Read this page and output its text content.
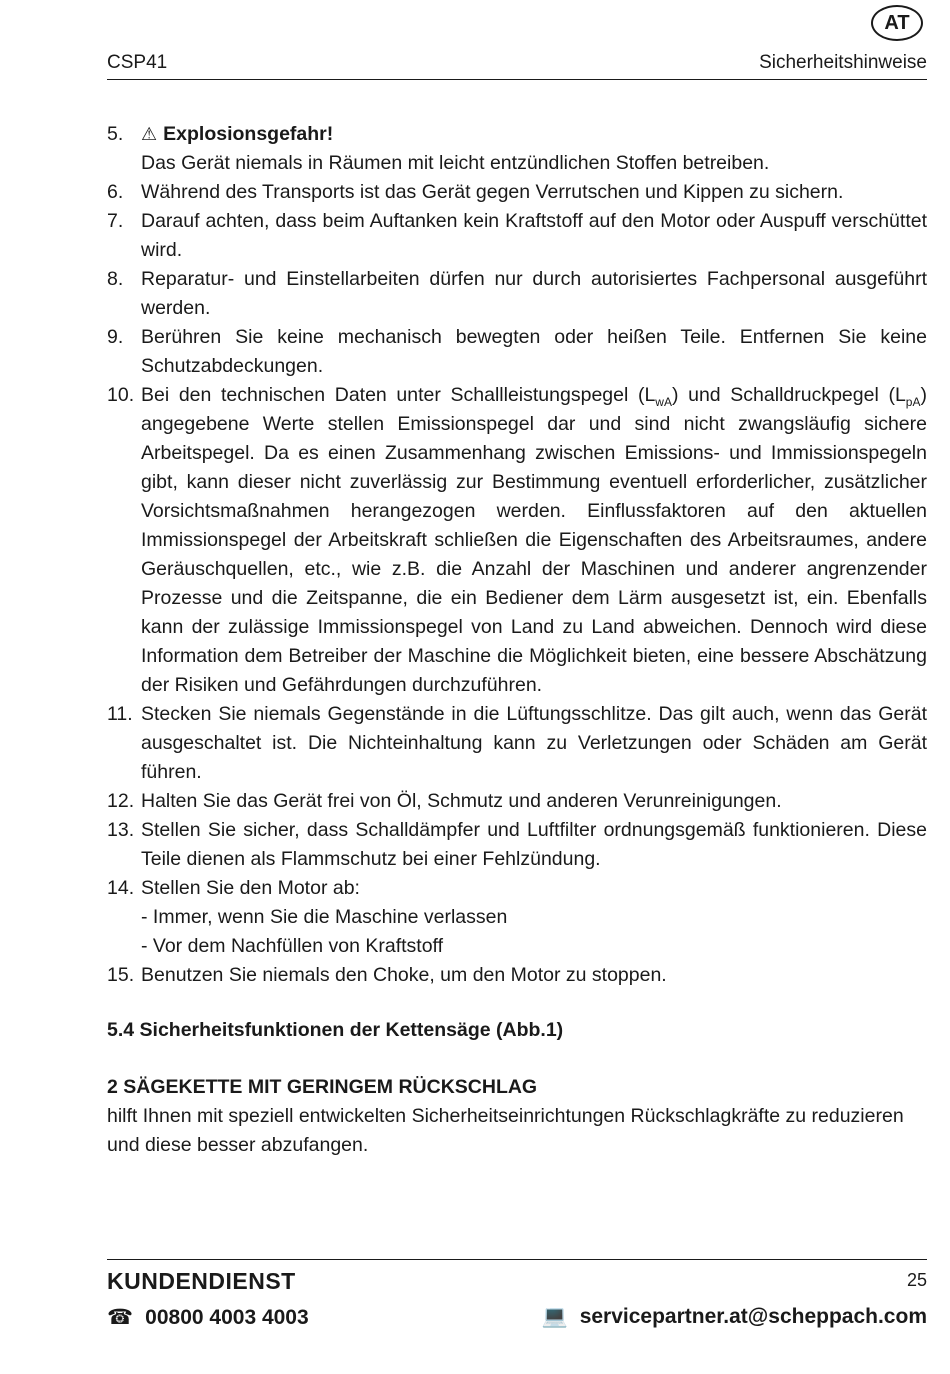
AT
CSP41	Sicherheitshinweise
5. ⚠ Explosionsgefahr!
Das Gerät niemals in Räumen mit leicht entzündlichen Stoffen betreiben.
6. Während des Transports ist das Gerät gegen Verrutschen und Kippen zu sichern.
7. Darauf achten, dass beim Auftanken kein Kraftstoff auf den Motor oder Auspuff verschüttet wird.
8. Reparatur- und Einstellarbeiten dürfen nur durch autorisiertes Fachpersonal ausgeführt werden.
9. Berühren Sie keine mechanisch bewegten oder heißen Teile. Entfernen Sie keine Schutzabdeckungen.
10. Bei den technischen Daten unter Schallleistungspegel $(L_{wA})$ und Schalldruckpegel $(L_{pA})$ angegebene Werte stellen Emissionspegel dar und sind nicht zwangsläufig sichere Arbeitspegel. Da es einen Zusammenhang zwischen Emissions- und Immissionspegeln gibt, kann dieser nicht zuverlässig zur Bestimmung eventuell erforderlicher, zusätzlicher Vorsichtsmaßnahmen herangezogen werden. Einflussfaktoren auf den aktuellen Immissionspegel der Arbeitskraft schließen die Eigenschaften des Arbeitsraumes, andere Geräuschquellen, etc., wie z.B. die Anzahl der Maschinen und anderer angrenzender Prozesse und die Zeitspanne, die ein Bediener dem Lärm ausgesetzt ist, ein. Ebenfalls kann der zulässige Immissionspegel von Land zu Land abweichen. Dennoch wird diese Information dem Betreiber der Maschine die Möglichkeit bieten, eine bessere Abschätzung der Risiken und Gefährdungen durchzuführen.
11. Stecken Sie niemals Gegenstände in die Lüftungsschlitze. Das gilt auch, wenn das Gerät ausgeschaltet ist. Die Nichteinhaltung kann zu Verletzungen oder Schäden am Gerät führen.
12. Halten Sie das Gerät frei von Öl, Schmutz und anderen Verunreinigungen.
13. Stellen Sie sicher, dass Schalldämpfer und Luftfilter ordnungsgemäß funktionieren. Diese Teile dienen als Flammschutz bei einer Fehlzündung.
14. Stellen Sie den Motor ab:
- Immer, wenn Sie die Maschine verlassen
- Vor dem Nachfüllen von Kraftstoff
15. Benutzen Sie niemals den Choke, um den Motor zu stoppen.
5.4 Sicherheitsfunktionen der Kettensäge (Abb.1)
2 SÄGEKETTE MIT GERINGEM RÜCKSCHLAG
hilft Ihnen mit speziell entwickelten Sicherheitseinrichtungen Rückschlagkräfte zu reduzieren und diese besser abzufangen.
KUNDENDIENST	25
☎ 00800 4003 4003	💻 servicepartner.at@scheppach.com
